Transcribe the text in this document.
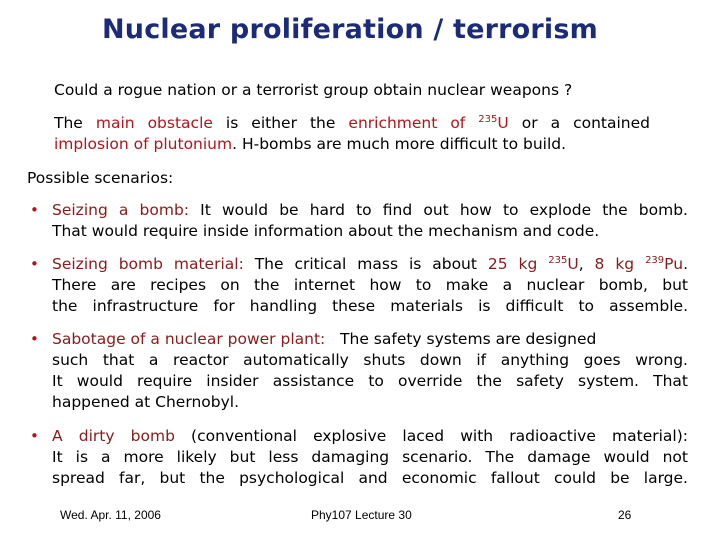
Nuclear proliferation / terrorism
Could a rogue nation or a terrorist group obtain nuclear weapons ?
The main obstacle is either the enrichment of $^{235}$U or a contained
implosion of plutonium. H-bombs are much more difficult to build.
Possible scenarios:
• Seizing a bomb: It would be hard to find out how to explode the bomb.
That would require inside information about the mechanism and code.
• Seizing bomb material: The critical mass is about 25 kg $^{235}$U, 8 kg $^{239}$Pu.
There are recipes on the internet how to make a nuclear bomb, but
the infrastructure for handling these materials is difficult to assemble.
• Sabotage of a nuclear power plant:   The safety systems are designed
such that a reactor automatically shuts down if anything goes wrong.
It would require insider assistance to override the safety system. That
happened at Chernobyl.
• A dirty bomb (conventional explosive laced with radioactive material):
It is a more likely but less damaging scenario. The damage would not
spread far, but the psychological and economic fallout could be large.
Wed. Apr. 11, 2006	Phy107 Lecture 30	26
